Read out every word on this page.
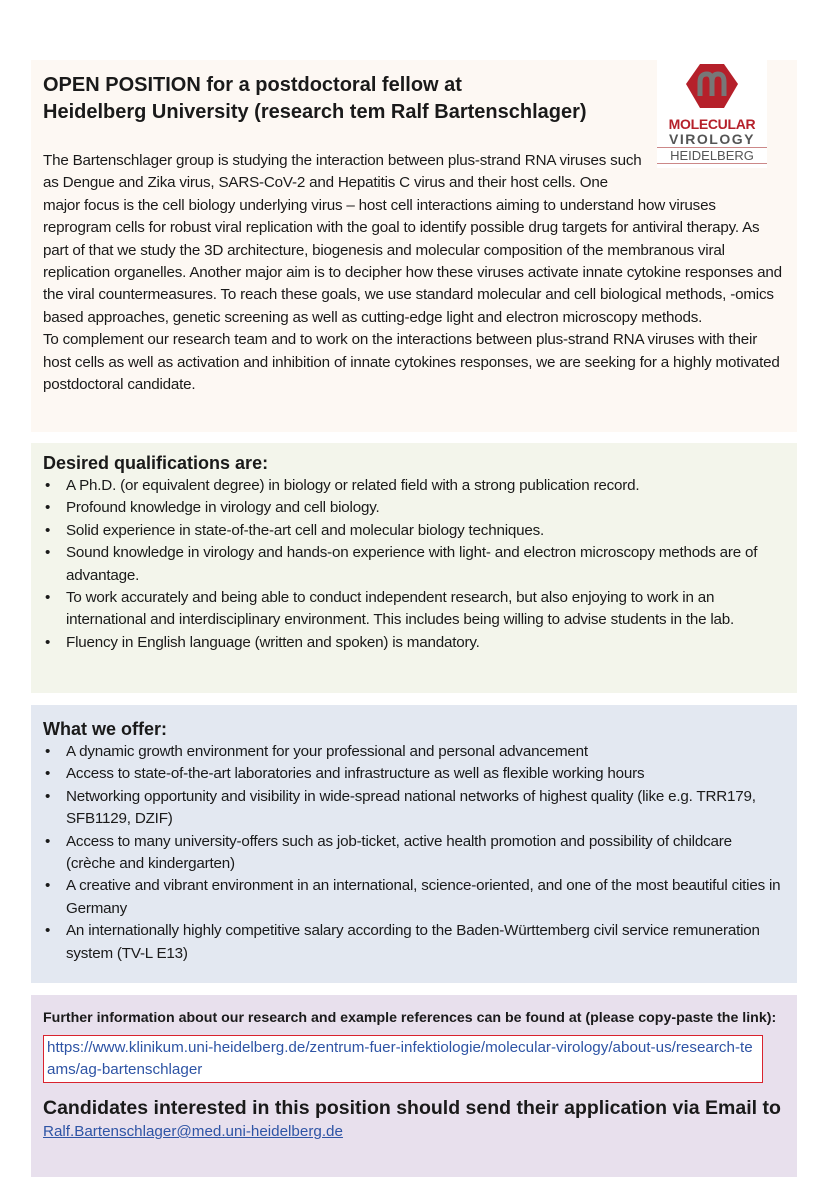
MOLECULAR
VIROLOGY
HEIDELBERG
OPEN POSITION for a postdoctoral fellow at
Heidelberg University (research tem Ralf Bartenschlager)

The Bartenschlager group is studying the interaction between plus-strand RNA viruses such as Dengue and Zika virus, SARS-CoV-2 and Hepatitis C virus and their host cells. One major focus is the cell biology underlying virus – host cell interactions aiming to understand how viruses reprogram cells for robust viral replication with the goal to identify possible drug targets for antiviral therapy. As part of that we study the 3D architecture, biogenesis and molecular composition of the membranous viral replication organelles. Another major aim is to decipher how these viruses activate innate cytokine responses and the viral countermeasures. To reach these goals, we use standard molecular and cell biological methods, -omics based approaches, genetic screening as well as cutting-edge light and electron microscopy methods.

To complement our research team and to work on the interactions between plus-strand RNA viruses with their host cells as well as activation and inhibition of innate cytokines responses, we are seeking for a highly motivated postdoctoral candidate.

Desired qualifications are:
• A Ph.D. (or equivalent degree) in biology or related field with a strong publication record.
• Profound knowledge in virology and cell biology.
• Solid experience in state-of-the-art cell and molecular biology techniques.
• Sound knowledge in virology and hands-on experience with light- and electron microscopy methods are of advantage.
• To work accurately and being able to conduct independent research, but also enjoying to work in an international and interdisciplinary environment. This includes being willing to advise students in the lab.
• Fluency in English language (written and spoken) is mandatory.
What we offer:
• A dynamic growth environment for your professional and personal advancement
• Access to state-of-the-art laboratories and infrastructure as well as flexible working hours
• Networking opportunity and visibility in wide-spread national networks of highest quality (like e.g. TRR179, SFB1129, DZIF)
• Access to many university-offers such as job-ticket, active health promotion and possibility of childcare (crèche and kindergarten)
• A creative and vibrant environment in an international, science-oriented, and one of the most beautiful cities in Germany
• An internationally highly competitive salary according to the Baden-Württemberg civil service remuneration system (TV-L E13)
Further information about our research and example references can be found at (please copy-paste the link):
https://www.klinikum.uni-heidelberg.de/zentrum-fuer-infektiologie/molecular-virology/about-us/research-teams/ag-bartenschlager
Candidates interested in this position should send their application via Email to
Ralf.Bartenschlager@med.uni-heidelberg.de
